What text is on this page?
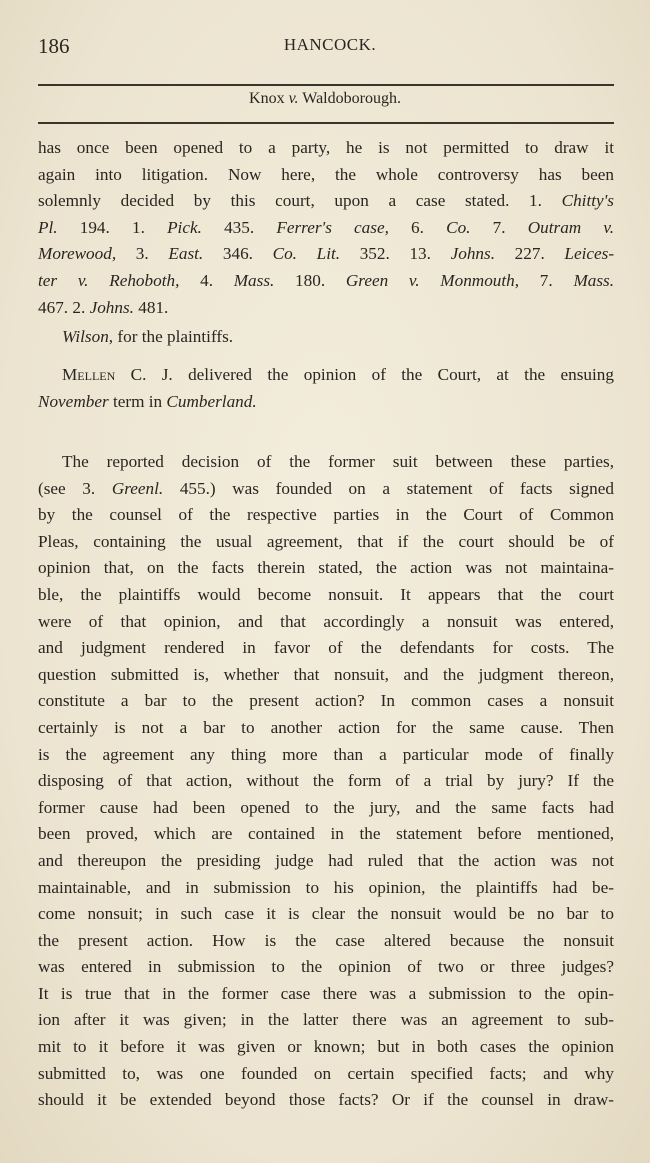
186	HANCOCK.
Knox v. Waldoborough.
has once been opened to a party, he is not permitted to draw it
again into litigation. Now here, the whole controversy has been
solemnly decided by this court, upon a case stated. 1. Chitty's
Pl. 194. 1. Pick. 435. Ferrer's case, 6. Co. 7. Outram v.
Morewood, 3. East. 346. Co. Lit. 352. 13. Johns. 227. Leices-
ter v. Rehoboth, 4. Mass. 180. Green v. Monmouth, 7. Mass.
467. 2. Johns. 481.
Wilson, for the plaintiffs.
Mellen C. J. delivered the opinion of the Court, at the ensuing
November term in Cumberland.
The reported decision of the former suit between these parties,
(see 3. Greenl. 455.) was founded on a statement of facts signed
by the counsel of the respective parties in the Court of Common
Pleas, containing the usual agreement, that if the court should be of
opinion that, on the facts therein stated, the action was not maintaina-
ble, the plaintiffs would become nonsuit. It appears that the court
were of that opinion, and that accordingly a nonsuit was entered,
and judgment rendered in favor of the defendants for costs. The
question submitted is, whether that nonsuit, and the judgment thereon,
constitute a bar to the present action? In common cases a nonsuit
certainly is not a bar to another action for the same cause. Then
is the agreement any thing more than a particular mode of finally
disposing of that action, without the form of a trial by jury? If the
former cause had been opened to the jury, and the same facts had
been proved, which are contained in the statement before mentioned,
and thereupon the presiding judge had ruled that the action was not
maintainable, and in submission to his opinion, the plaintiffs had be-
come nonsuit; in such case it is clear the nonsuit would be no bar to
the present action. How is the case altered because the nonsuit
was entered in submission to the opinion of two or three judges?
It is true that in the former case there was a submission to the opin-
ion after it was given; in the latter there was an agreement to sub-
mit to it before it was given or known; but in both cases the opinion
submitted to, was one founded on certain specified facts; and why
should it be extended beyond those facts? Or if the counsel in draw-
